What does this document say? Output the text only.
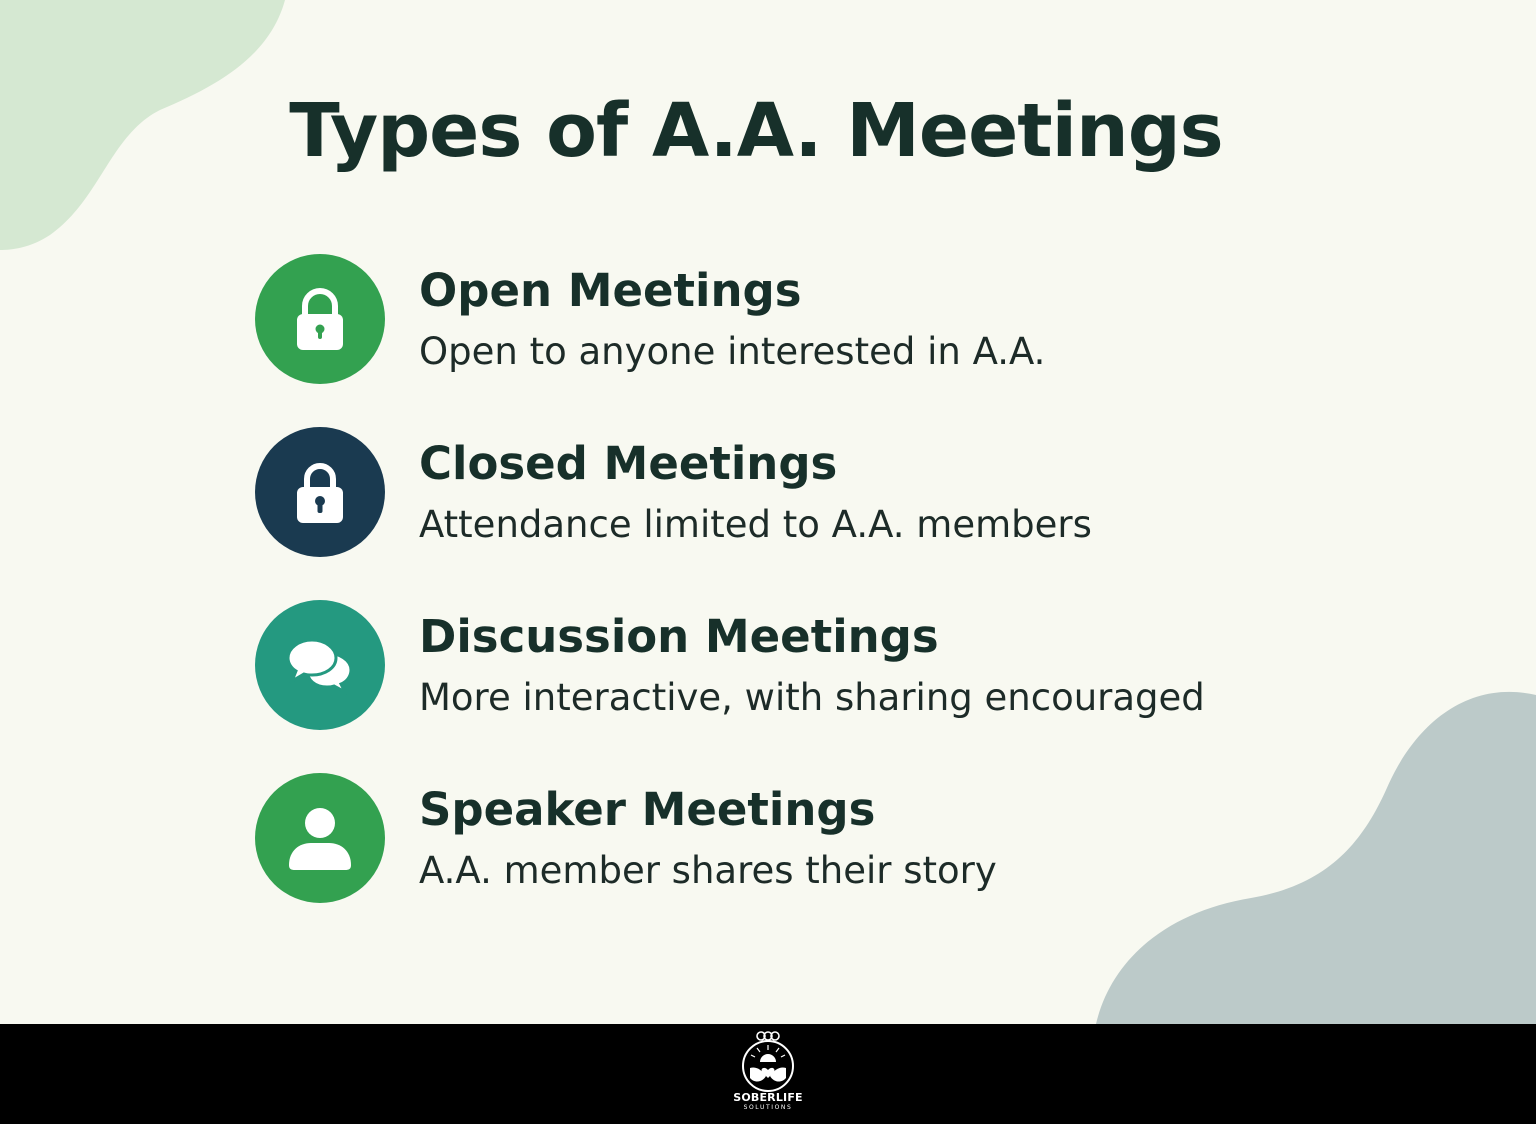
Types of A.A. Meetings
Open Meetings
Open to anyone interested in A.A.
Closed Meetings
Attendance limited to A.A. members
Discussion Meetings
More interactive, with sharing encouraged
Speaker Meetings
A.A. member shares their story
SOBERLIFE
SOLUTIONS
